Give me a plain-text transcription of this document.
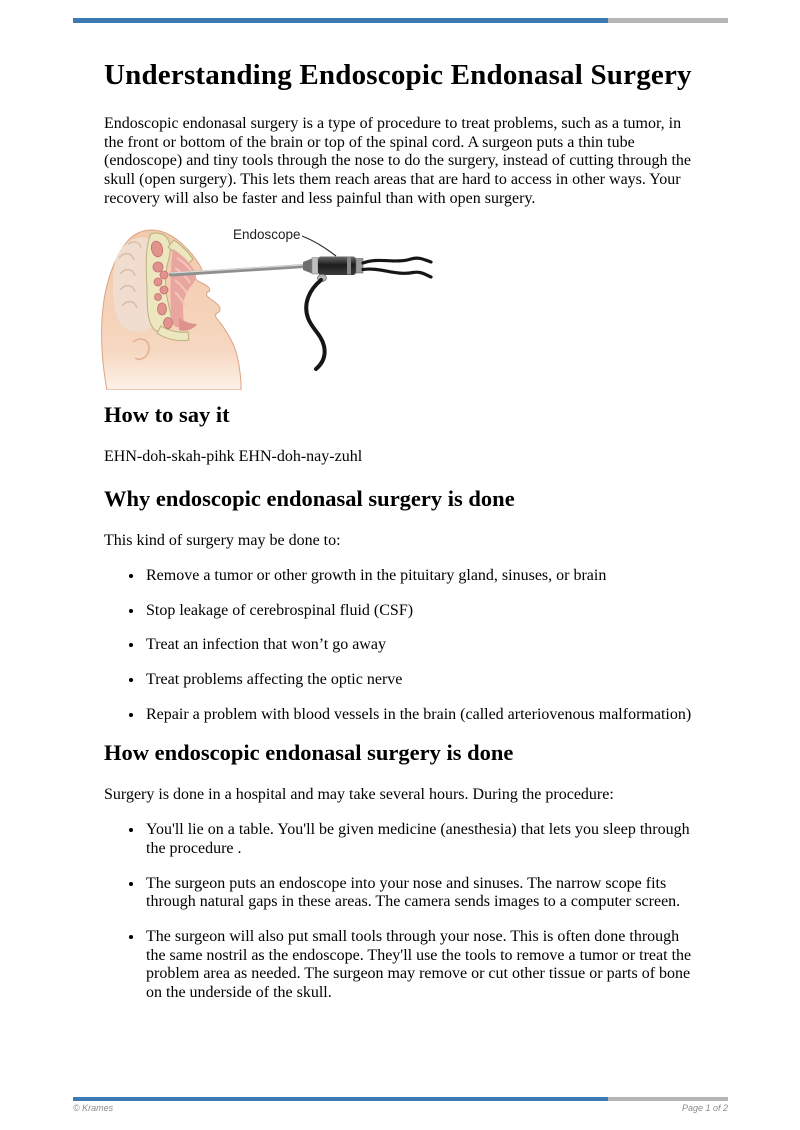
Understanding Endoscopic Endonasal Surgery

Endoscopic endonasal surgery is a type of procedure to treat problems, such as a tumor, in the front or bottom of the brain or top of the spinal cord. A surgeon puts a thin tube (endoscope) and tiny tools through the nose to do the surgery, instead of cutting through the skull (open surgery). This lets them reach areas that are hard to access in other ways. Your recovery will also be faster and less painful than with open surgery.

Endoscope
How to say it

EHN-doh-skah-pihk EHN-doh-nay-zuhl

Why endoscopic endonasal surgery is done

This kind of surgery may be done to:

• Remove a tumor or other growth in the pituitary gland, sinuses, or brain
• Stop leakage of cerebrospinal fluid (CSF)
• Treat an infection that won’t go away
• Treat problems affecting the optic nerve
• Repair a problem with blood vessels in the brain (called arteriovenous malformation)
How endoscopic endonasal surgery is done

Surgery is done in a hospital and may take several hours. During the procedure:

• You'll lie on a table. You'll be given medicine (anesthesia) that lets you sleep through the procedure .
• The surgeon puts an endoscope into your nose and sinuses. The narrow scope fits through natural gaps in these areas. The camera sends images to a computer screen.
• The surgeon will also put small tools through your nose. This is often done through the same nostril as the endoscope. They'll use the tools to remove a tumor or treat the problem area as needed. The surgeon may remove or cut other tissue or parts of bone on the underside of the skull.
© Krames	Page 1 of 2
